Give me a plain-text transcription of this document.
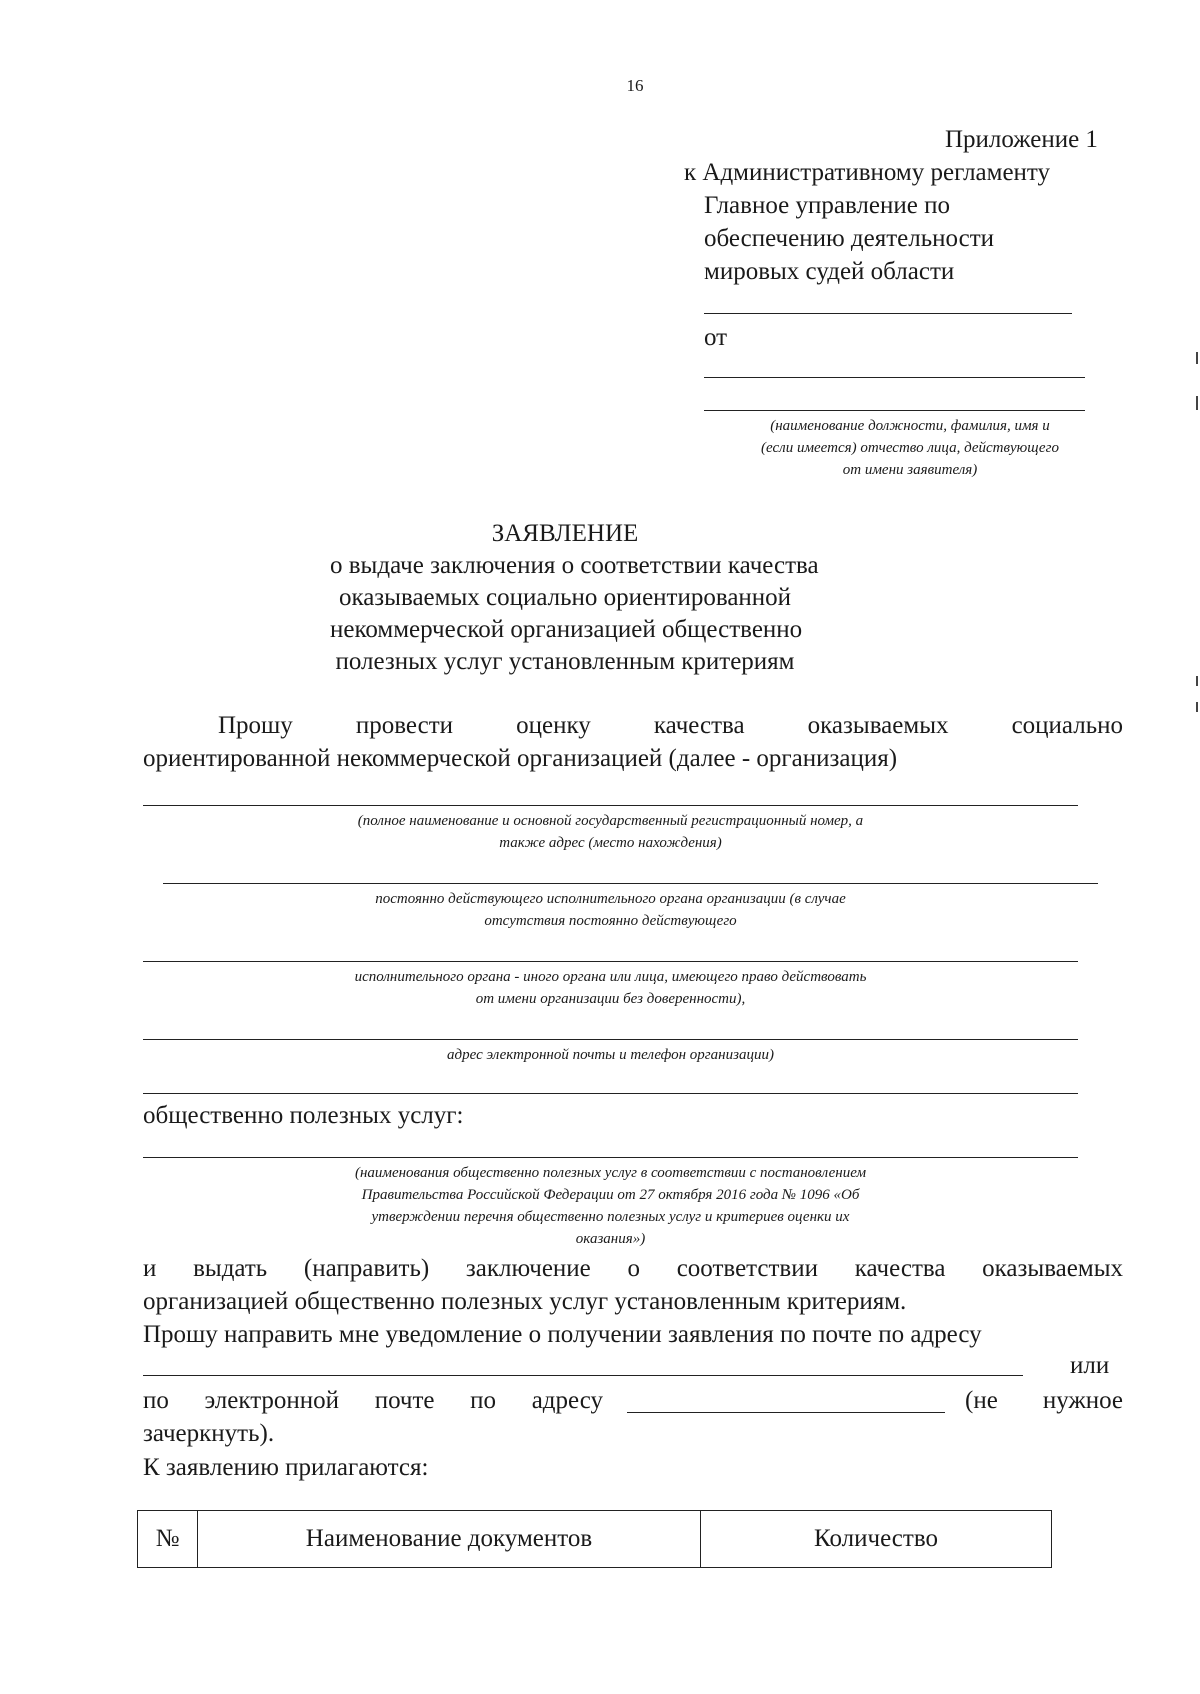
16
Приложение 1
к Административному регламенту
Главное управление по
обеспечению деятельности
мировых судей области
от
(наименование должности, фамилия, имя и
(если имеется) отчество лица, действующего
от имени заявителя)
ЗАЯВЛЕНИЕ
о выдаче заключения о соответствии качества
оказываемых социально ориентированной
некоммерческой организацией общественно
полезных услуг установленным критериям
Прошу провести оценку качества оказываемых социально
ориентированной некоммерческой организацией (далее - организация)
(полное наименование и основной государственный регистрационный номер, а
также адрес (место нахождения)
постоянно действующего исполнительного органа организации (в случае
отсутствия постоянно действующего
исполнительного органа - иного органа или лица, имеющего право действовать
от имени организации без доверенности),
адрес электронной почты и телефон организации)
общественно полезных услуг:
(наименования общественно полезных услуг в соответствии с постановлением
Правительства Российской Федерации от 27 октября 2016 года № 1096 «Об
утверждении перечня общественно полезных услуг и критериев оценки их
оказания»)
и выдать (направить) заключение о соответствии качества оказываемых
организацией общественно полезных услуг установленным критериям.
Прошу направить мне уведомление о получении заявления по почте по адресу
или
по электронной почте по адресу	(не нужное
зачеркнуть).
К заявлению прилагаются:
№	Наименование документов	Количество
